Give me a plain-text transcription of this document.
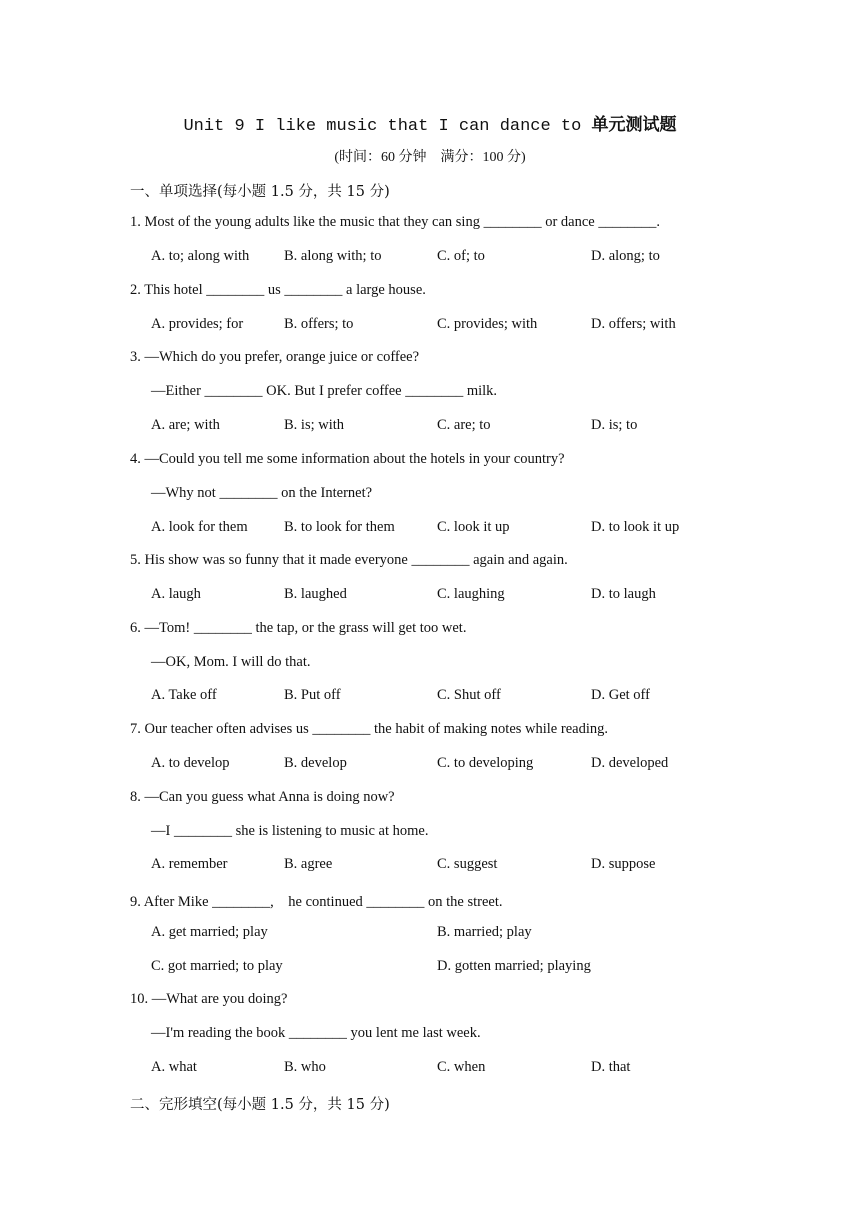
Unit 9 I like music that I can dance to 单元测试题
(时间：60 分钟　满分：100 分)
一、单项选择(每小题 1.5 分，共 15 分)
1. Most of the young adults like the music that they can sing ________ or dance ________.
A. to; along with B. along with; to	C. of; to	D. along; to
2. This hotel ________ us ________ a large house.
A. provides; for	B. offers; to	C. provides; with	D. offers; with
3. —Which do you prefer, orange juice or coffee?
—Either ________ OK. But I prefer coffee ________ milk.
A. are; with	B. is; with	C. are; to	D. is; to
4. —Could you tell me some information about the hotels in your country?
—Why not ________ on the Internet?
A. look for them	B. to look for them	C. look it up	D. to look it up
5. His show was so funny that it made everyone ________ again and again.
A. laugh	B. laughed	C. laughing	D. to laugh
6. —Tom! ________ the tap, or the grass will get too wet.
—OK, Mom. I will do that.
A. Take off	B. Put off	C. Shut off	D. Get off
7. Our teacher often advises us ________ the habit of making notes while reading.
A. to develop	B. develop	C. to developing	D. developed
8. —Can you guess what Anna is doing now?
—I ________ she is listening to music at home.
A. remember	B. agree	C. suggest	D. suppose
9. After Mike ________,　he continued ________ on the street.
A. get married; play	B. married; play
C. got married; to play	D. gotten married; playing
10. —What are you doing?
—I'm reading the book ________ you lent me last week.
A. what	B. who	C. when	D. that
二、完形填空(每小题 1.5 分，共 15 分)
